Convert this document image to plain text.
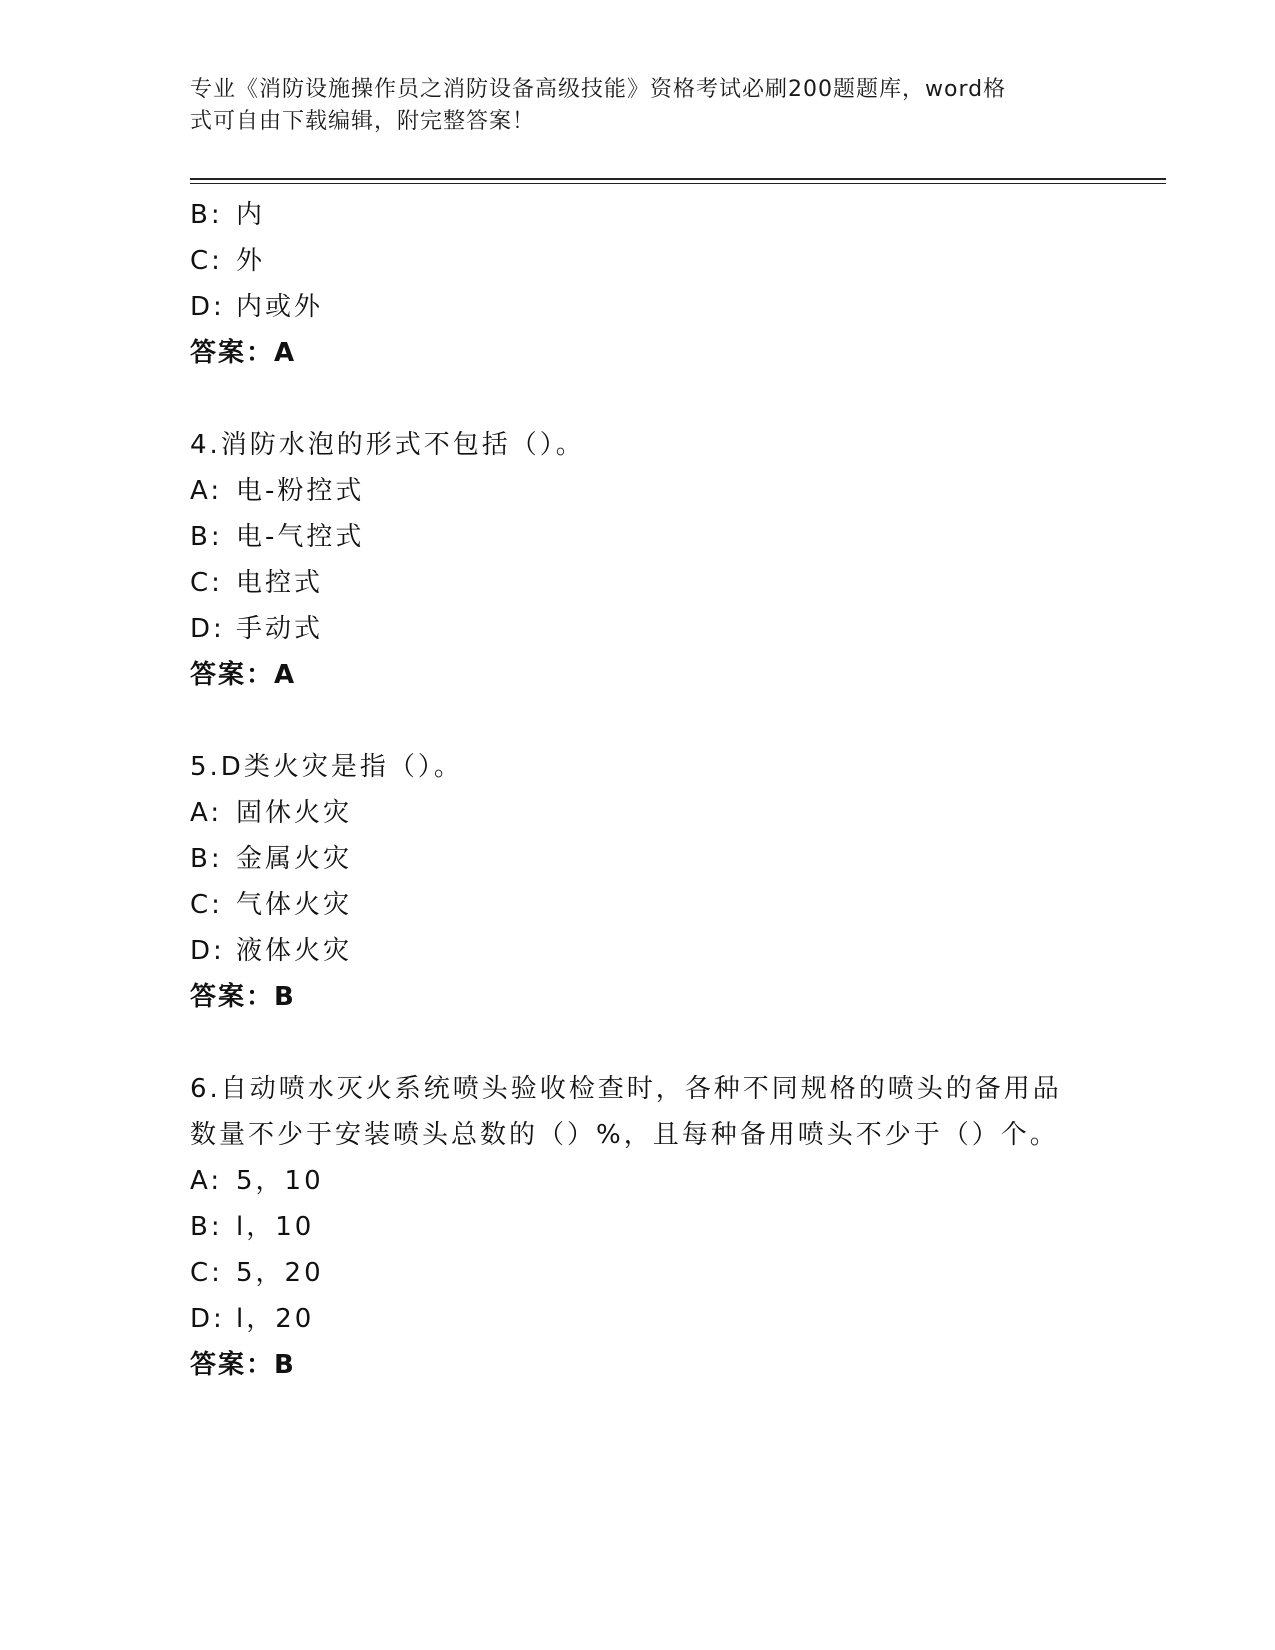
专业《消防设施操作员之消防设备高级技能》资格考试必刷200题题库，word格
式可自由下载编辑，附完整答案！
B: 内
C: 外
D: 内或外
答案：A
4.消防水泡的形式不包括（）。
A: 电-粉控式
B: 电-气控式
C: 电控式
D: 手动式
答案：A
5.D类火灾是指（）。
A: 固休火灾
B: 金属火灾
C: 气体火灾
D: 液体火灾
答案：B
6.自动喷水灭火系统喷头验收检查时，各种不同规格的喷头的备用品
数量不少于安装喷头总数的（）%，且每种备用喷头不少于（）个。
A: 5，10
B: l，10
C: 5，20
D: l，20
答案：B
